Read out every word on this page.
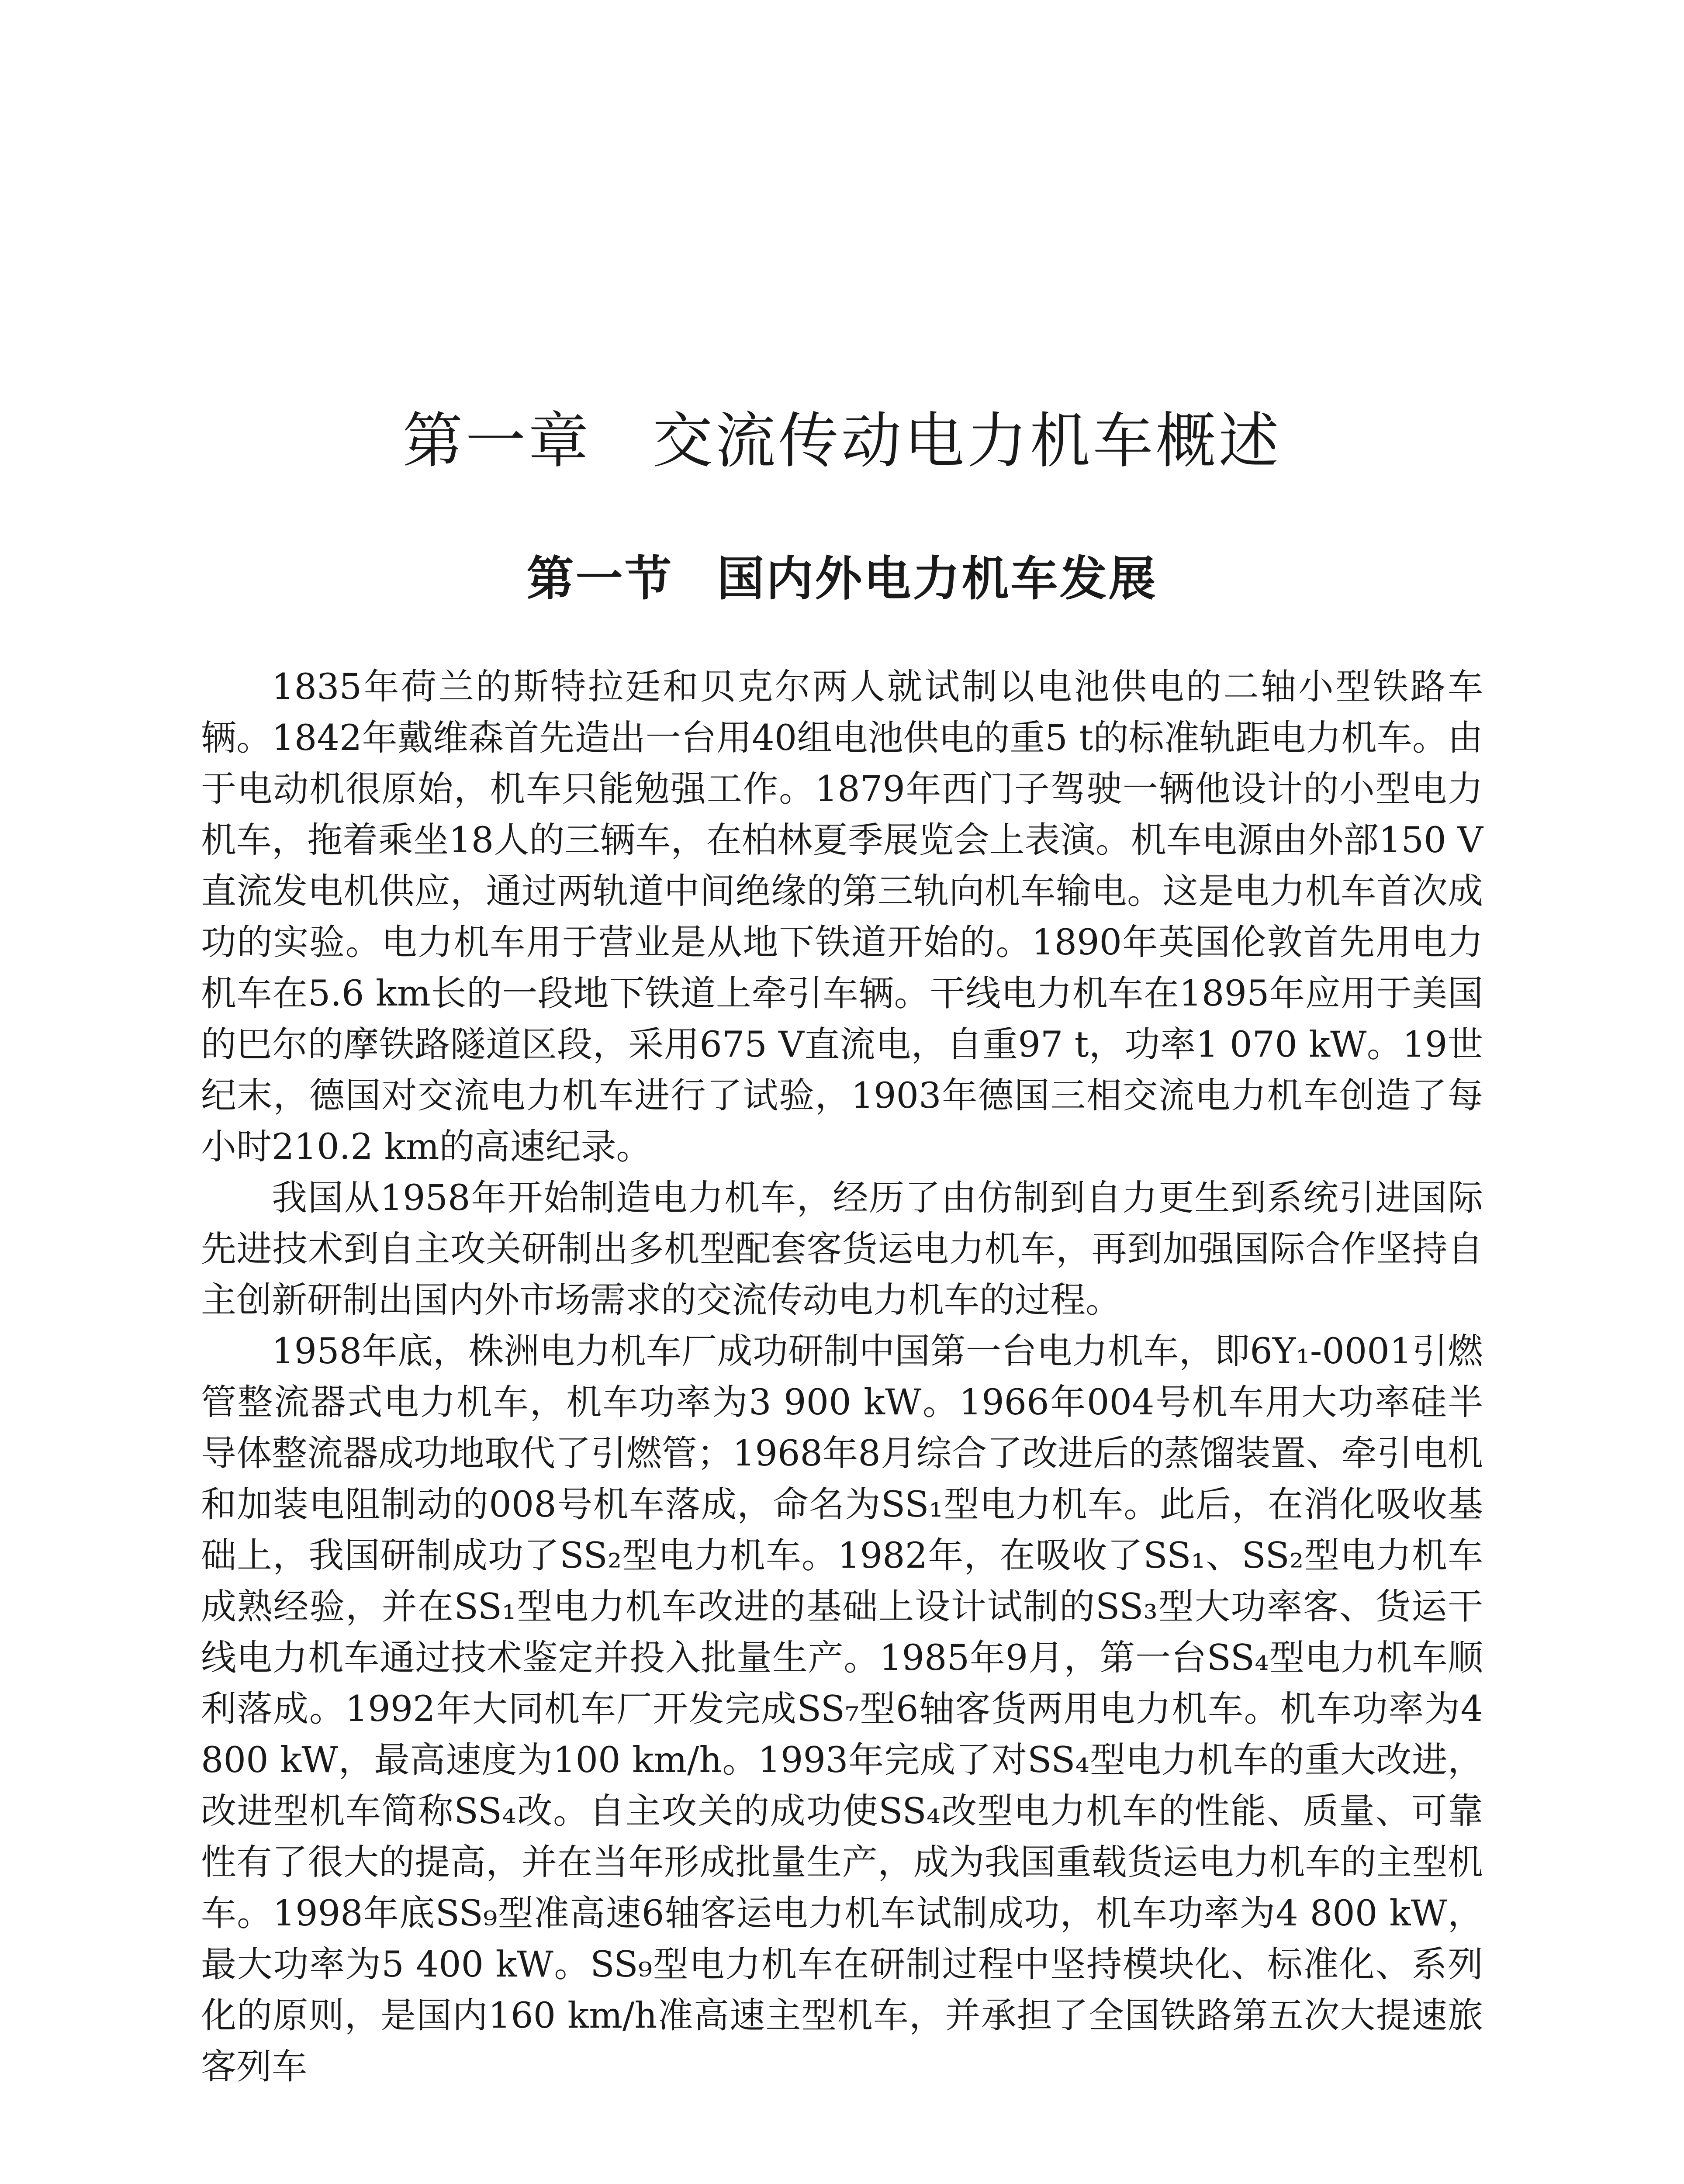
第一章 交流传动电力机车概述
第一节 国内外电力机车发展

1835年荷兰的斯特拉廷和贝克尔两人就试制以电池供电的二轴小型铁路车辆。1842年戴维森首先造出一台用40组电池供电的重5 t的标准轨距电力机车。由于电动机很原始，机车只能勉强工作。1879年西门子驾驶一辆他设计的小型电力机车，拖着乘坐18人的三辆车，在柏林夏季展览会上表演。机车电源由外部150 V直流发电机供应，通过两轨道中间绝缘的第三轨向机车输电。这是电力机车首次成功的实验。电力机车用于营业是从地下铁道开始的。1890年英国伦敦首先用电力机车在5.6 km长的一段地下铁道上牵引车辆。干线电力机车在1895年应用于美国的巴尔的摩铁路隧道区段，采用675 V直流电，自重97 t，功率1 070 kW。19世纪末，德国对交流电力机车进行了试验，1903年德国三相交流电力机车创造了每小时210.2 km的高速纪录。

我国从1958年开始制造电力机车，经历了由仿制到自力更生到系统引进国际先进技术到自主攻关研制出多机型配套客货运电力机车，再到加强国际合作坚持自主创新研制出国内外市场需求的交流传动电力机车的过程。

1958年底，株洲电力机车厂成功研制中国第一台电力机车，即6Y₁-0001引燃管整流器式电力机车，机车功率为3 900 kW。1966年004号机车用大功率硅半导体整流器成功地取代了引燃管；1968年8月综合了改进后的蒸馏装置、牵引电机和加装电阻制动的008号机车落成，命名为SS₁型电力机车。此后，在消化吸收基础上，我国研制成功了SS₂型电力机车。1982年，在吸收了SS₁、SS₂型电力机车成熟经验，并在SS₁型电力机车改进的基础上设计试制的SS₃型大功率客、货运干线电力机车通过技术鉴定并投入批量生产。1985年9月，第一台SS₄型电力机车顺利落成。1992年大同机车厂开发完成SS₇型6轴客货两用电力机车。机车功率为4 800 kW，最高速度为100 km/h。1993年完成了对SS₄型电力机车的重大改进，改进型机车简称SS₄改。自主攻关的成功使SS₄改型电力机车的性能、质量、可靠性有了很大的提高，并在当年形成批量生产，成为我国重载货运电力机车的主型机车。1998年底SS₉型准高速6轴客运电力机车试制成功，机车功率为4 800 kW，最大功率为5 400 kW。SS₉型电力机车在研制过程中坚持模块化、标准化、系列化的原则，是国内160 km/h准高速主型机车，并承担了全国铁路第五次大提速旅客列车
